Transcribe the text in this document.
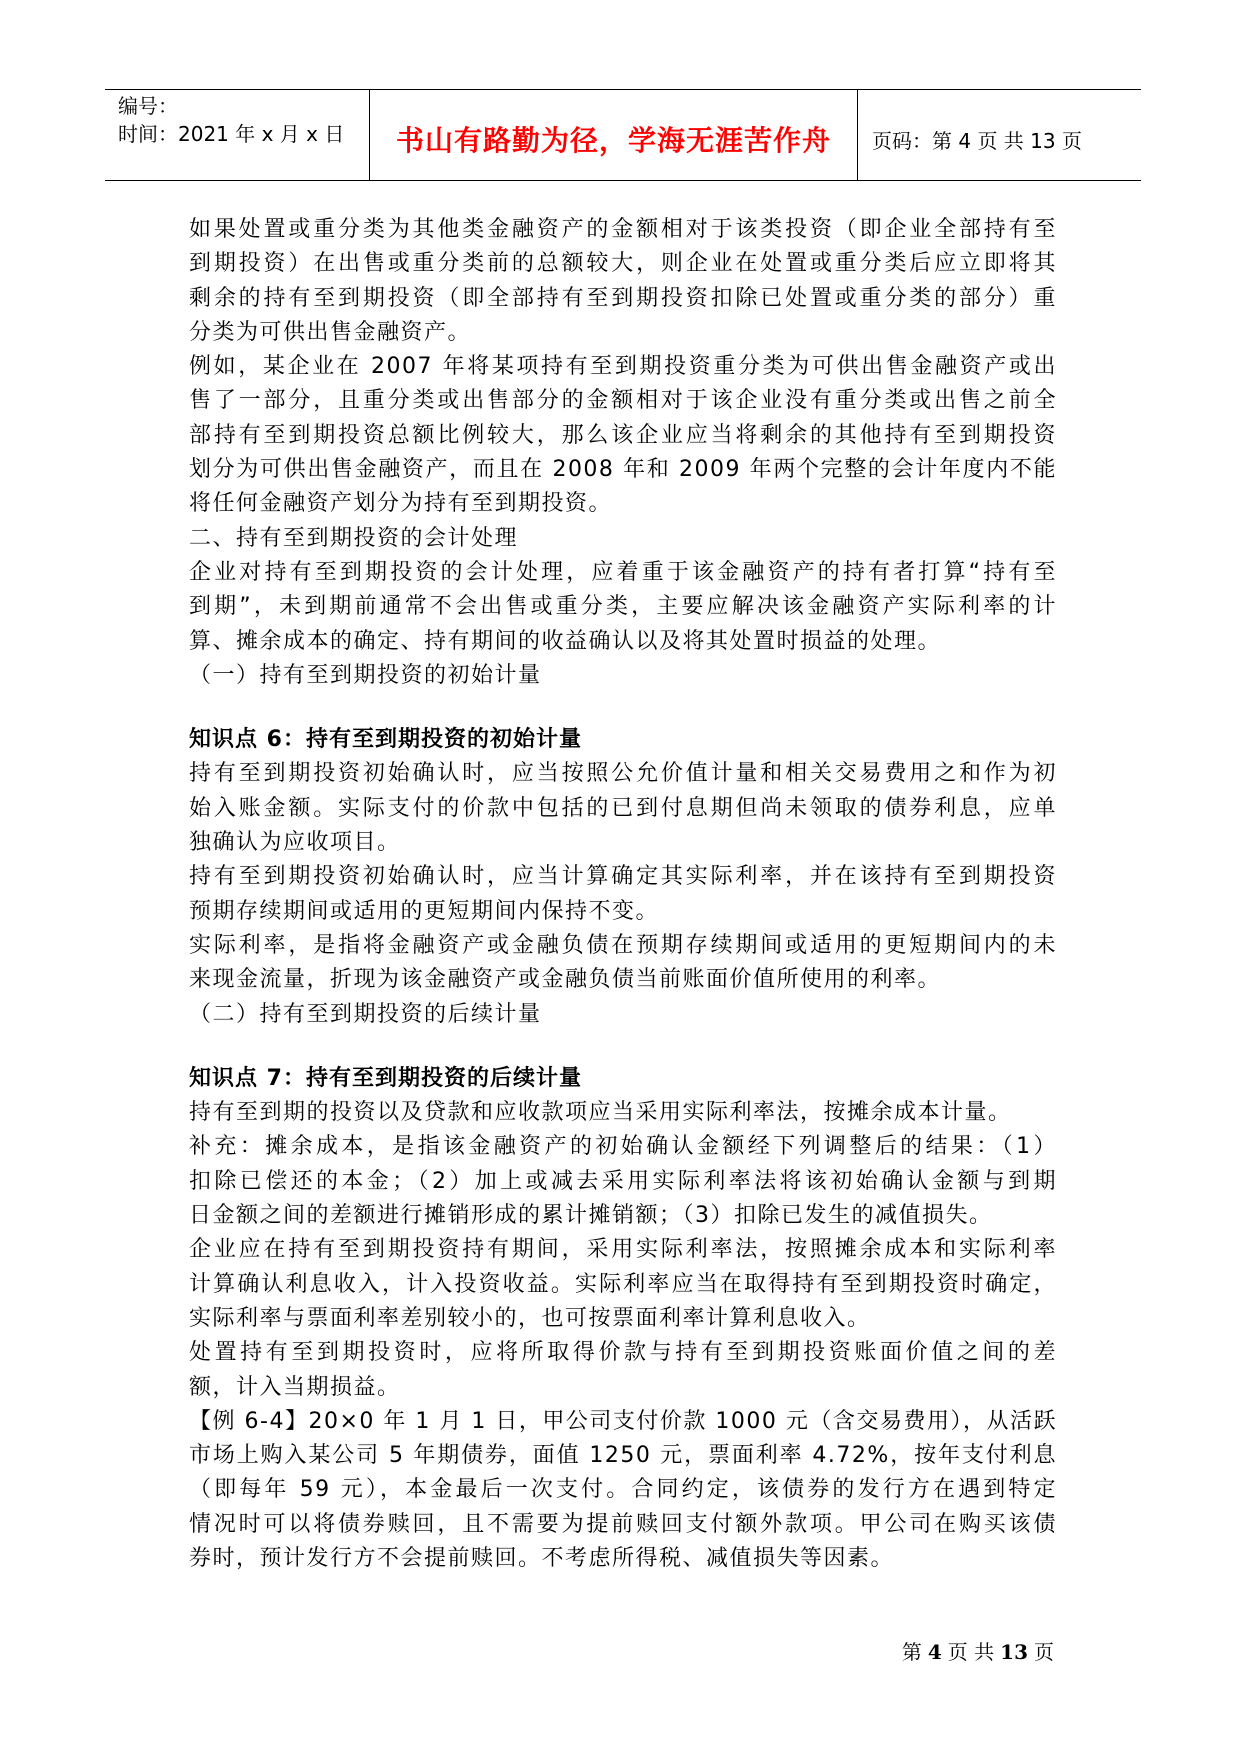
编号：
时间：2021 年 x 月 x 日 书山有路勤为径，学海无涯苦作舟 页码：第 4 页 共 13 页
如果处置或重分类为其他类金融资产的金额相对于该类投资（即企业全部持有至
到期投资）在出售或重分类前的总额较大，则企业在处置或重分类后应立即将其
剩余的持有至到期投资（即全部持有至到期投资扣除已处置或重分类的部分）重
分类为可供出售金融资产。
例如，某企业在 2007 年将某项持有至到期投资重分类为可供出售金融资产或出
售了一部分，且重分类或出售部分的金额相对于该企业没有重分类或出售之前全
部持有至到期投资总额比例较大，那么该企业应当将剩余的其他持有至到期投资
划分为可供出售金融资产，而且在 2008 年和 2009 年两个完整的会计年度内不能
将任何金融资产划分为持有至到期投资。
二、持有至到期投资的会计处理
企业对持有至到期投资的会计处理，应着重于该金融资产的持有者打算“持有至
到期”，未到期前通常不会出售或重分类，主要应解决该金融资产实际利率的计
算、摊余成本的确定、持有期间的收益确认以及将其处置时损益的处理。
（一）持有至到期投资的初始计量
知识点 6：持有至到期投资的初始计量
持有至到期投资初始确认时，应当按照公允价值计量和相关交易费用之和作为初
始入账金额。实际支付的价款中包括的已到付息期但尚未领取的债券利息，应单
独确认为应收项目。
持有至到期投资初始确认时，应当计算确定其实际利率，并在该持有至到期投资
预期存续期间或适用的更短期间内保持不变。
实际利率，是指将金融资产或金融负债在预期存续期间或适用的更短期间内的未
来现金流量，折现为该金融资产或金融负债当前账面价值所使用的利率。
（二）持有至到期投资的后续计量
知识点 7：持有至到期投资的后续计量
持有至到期的投资以及贷款和应收款项应当采用实际利率法，按摊余成本计量。
补充：摊余成本，是指该金融资产的初始确认金额经下列调整后的结果：（1）
扣除已偿还的本金；（2）加上或减去采用实际利率法将该初始确认金额与到期
日金额之间的差额进行摊销形成的累计摊销额；（3）扣除已发生的减值损失。
企业应在持有至到期投资持有期间，采用实际利率法，按照摊余成本和实际利率
计算确认利息收入，计入投资收益。实际利率应当在取得持有至到期投资时确定，
实际利率与票面利率差别较小的，也可按票面利率计算利息收入。
处置持有至到期投资时，应将所取得价款与持有至到期投资账面价值之间的差
额，计入当期损益。
【例 6-4】20×0 年 1 月 1 日，甲公司支付价款 1000 元（含交易费用），从活跃
市场上购入某公司 5 年期债券，面值 1250 元，票面利率 4.72%，按年支付利息
（即每年 59 元），本金最后一次支付。合同约定，该债券的发行方在遇到特定
情况时可以将债券赎回，且不需要为提前赎回支付额外款项。甲公司在购买该债
券时，预计发行方不会提前赎回。不考虑所得税、减值损失等因素。
第 4 页 共 13 页
